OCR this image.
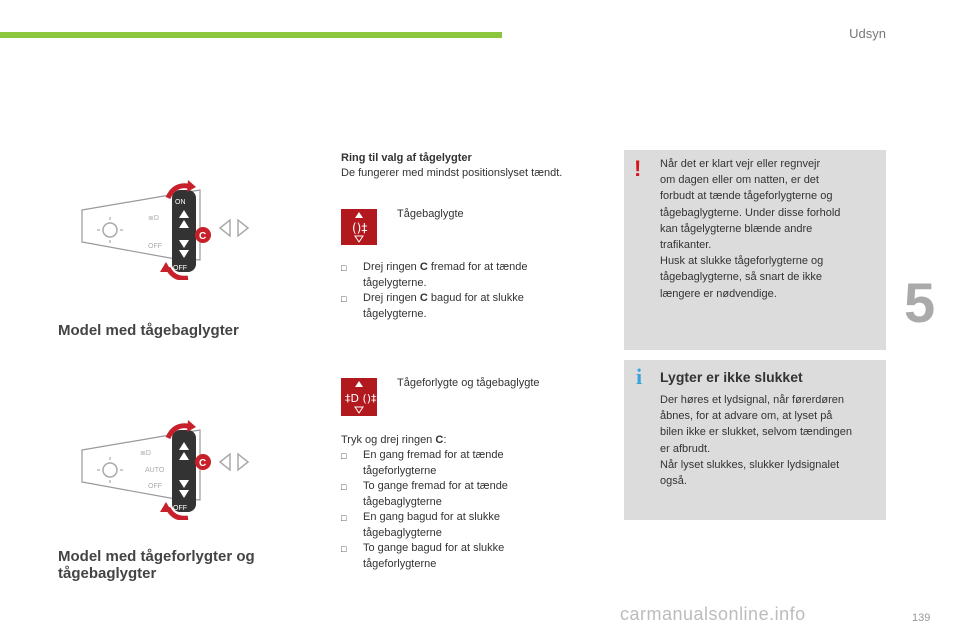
Udsyn
5
139
≣D
OFF
ON
OFF
C
Model med tågebaglygter
≣D
AUTO
OFF
OFF
C
Model med tågeforlygter og
tågebaglygter
Ring til valg af tågelygter
De fungerer med mindst positionslyset tændt.
()‡
Tågebaglygte
□	Drej ringen C fremad for at tænde
tågelygterne.
□	Drej ringen C bagud for at slukke
tågelygterne.
‡D ()‡
Tågeforlygte og tågebaglygte
Tryk og drej ringen C:
□	En gang fremad for at tænde
tågeforlygterne
□	To gange fremad for at tænde
tågebaglygterne
□	En gang bagud for at slukke
tågebaglygterne
□	To gange bagud for at slukke
tågeforlygterne
! Når det er klart vejr eller regnvejr
om dagen eller om natten, er det
forbudt at tænde tågeforlygterne og
tågebaglygterne. Under disse forhold
kan tågelygterne blænde andre
trafikanter.
Husk at slukke tågeforlygterne og
tågebaglygterne, så snart de ikke
længere er nødvendige.
i Lygter er ikke slukket
Der høres et lydsignal, når førerdøren
åbnes, for at advare om, at lyset på
bilen ikke er slukket, selvom tændingen
er afbrudt.
Når lyset slukkes, slukker lydsignalet
også.
carmanualsonline.info
